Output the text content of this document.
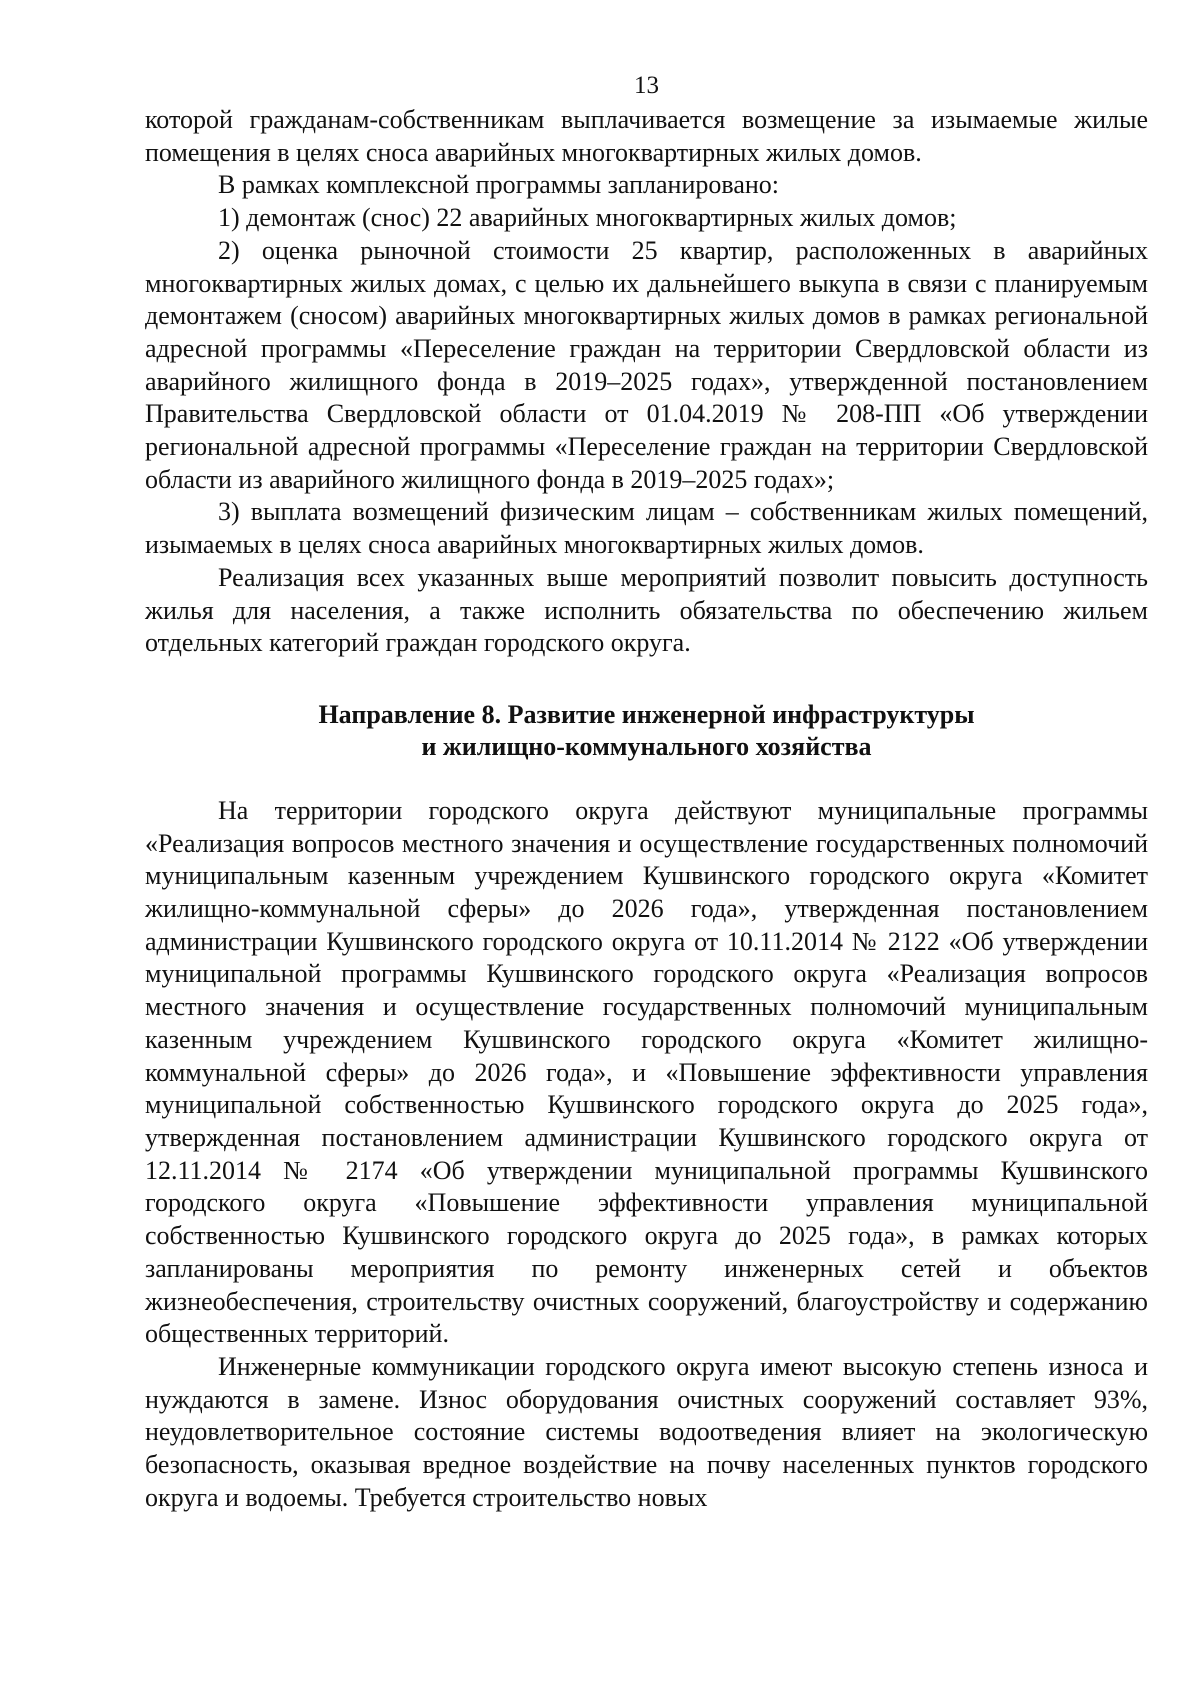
13

которой гражданам-собственникам выплачивается возмещение за изымаемые жилые помещения в целях сноса аварийных многоквартирных жилых домов.

В рамках комплексной программы запланировано:

1) демонтаж (снос) 22 аварийных многоквартирных жилых домов;

2) оценка рыночной стоимости 25 квартир, расположенных в аварийных многоквартирных жилых домах, с целью их дальнейшего выкупа в связи с планируемым демонтажем (сносом) аварийных многоквартирных жилых домов в рамках региональной адресной программы «Переселение граждан на территории Свердловской области из аварийного жилищного фонда в 2019–2025 годах», утвержденной постановлением Правительства Свердловской области от 01.04.2019 № 208-ПП «Об утверждении региональной адресной программы «Переселение граждан на территории Свердловской области из аварийного жилищного фонда в 2019–2025 годах»;

3) выплата возмещений физическим лицам – собственникам жилых помещений, изымаемых в целях сноса аварийных многоквартирных жилых домов.

Реализация всех указанных выше мероприятий позволит повысить доступность жилья для населения, а также исполнить обязательства по обеспечению жильем отдельных категорий граждан городского округа.

Направление 8. Развитие инженерной инфраструктуры
и жилищно-коммунального хозяйства

На территории городского округа действуют муниципальные программы «Реализация вопросов местного значения и осуществление государственных полномочий муниципальным казенным учреждением Кушвинского городского округа «Комитет жилищно-коммунальной сферы» до 2026 года», утвержденная постановлением администрации Кушвинского городского округа от 10.11.2014 № 2122 «Об утверждении муниципальной программы Кушвинского городского округа «Реализация вопросов местного значения и осуществление государственных полномочий муниципальным казенным учреждением Кушвинского городского округа «Комитет жилищно-коммунальной сферы» до 2026 года», и «Повышение эффективности управления муниципальной собственностью Кушвинского городского округа до 2025 года», утвержденная постановлением администрации Кушвинского городского округа от 12.11.2014 № 2174 «Об утверждении муниципальной программы Кушвинского городского округа «Повышение эффективности управления муниципальной собственностью Кушвинского городского округа до 2025 года», в рамках которых запланированы мероприятия по ремонту инженерных сетей и объектов жизнеобеспечения, строительству очистных сооружений, благоустройству и содержанию общественных территорий.

Инженерные коммуникации городского округа имеют высокую степень износа и нуждаются в замене. Износ оборудования очистных сооружений составляет 93%, неудовлетворительное состояние системы водоотведения влияет на экологическую безопасность, оказывая вредное воздействие на почву населенных пунктов городского округа и водоемы. Требуется строительство новых
